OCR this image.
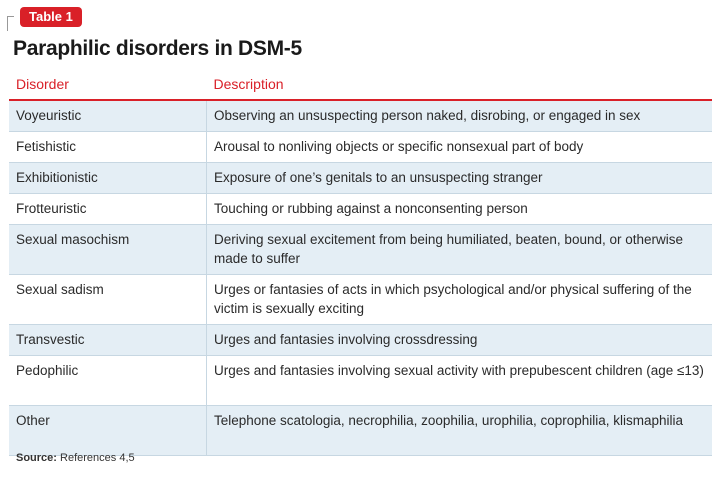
Table 1
Paraphilic disorders in DSM-5
Disorder	Description
Voyeuristic	Observing an unsuspecting person naked, disrobing, or engaged in sex
Fetishistic	Arousal to nonliving objects or specific nonsexual part of body
Exhibitionistic	Exposure of one’s genitals to an unsuspecting stranger
Frotteuristic	Touching or rubbing against a nonconsenting person
Sexual masochism	Deriving sexual excitement from being humiliated, beaten, bound, or otherwise made to suffer
Sexual sadism	Urges or fantasies of acts in which psychological and/or physical suffering of the victim is sexually exciting
Transvestic	Urges and fantasies involving crossdressing
Pedophilic	Urges and fantasies involving sexual activity with prepubescent children (age ≤13)
Other	Telephone scatologia, necrophilia, zoophilia, urophilia, coprophilia, klismaphilia
Source: References 4,5
